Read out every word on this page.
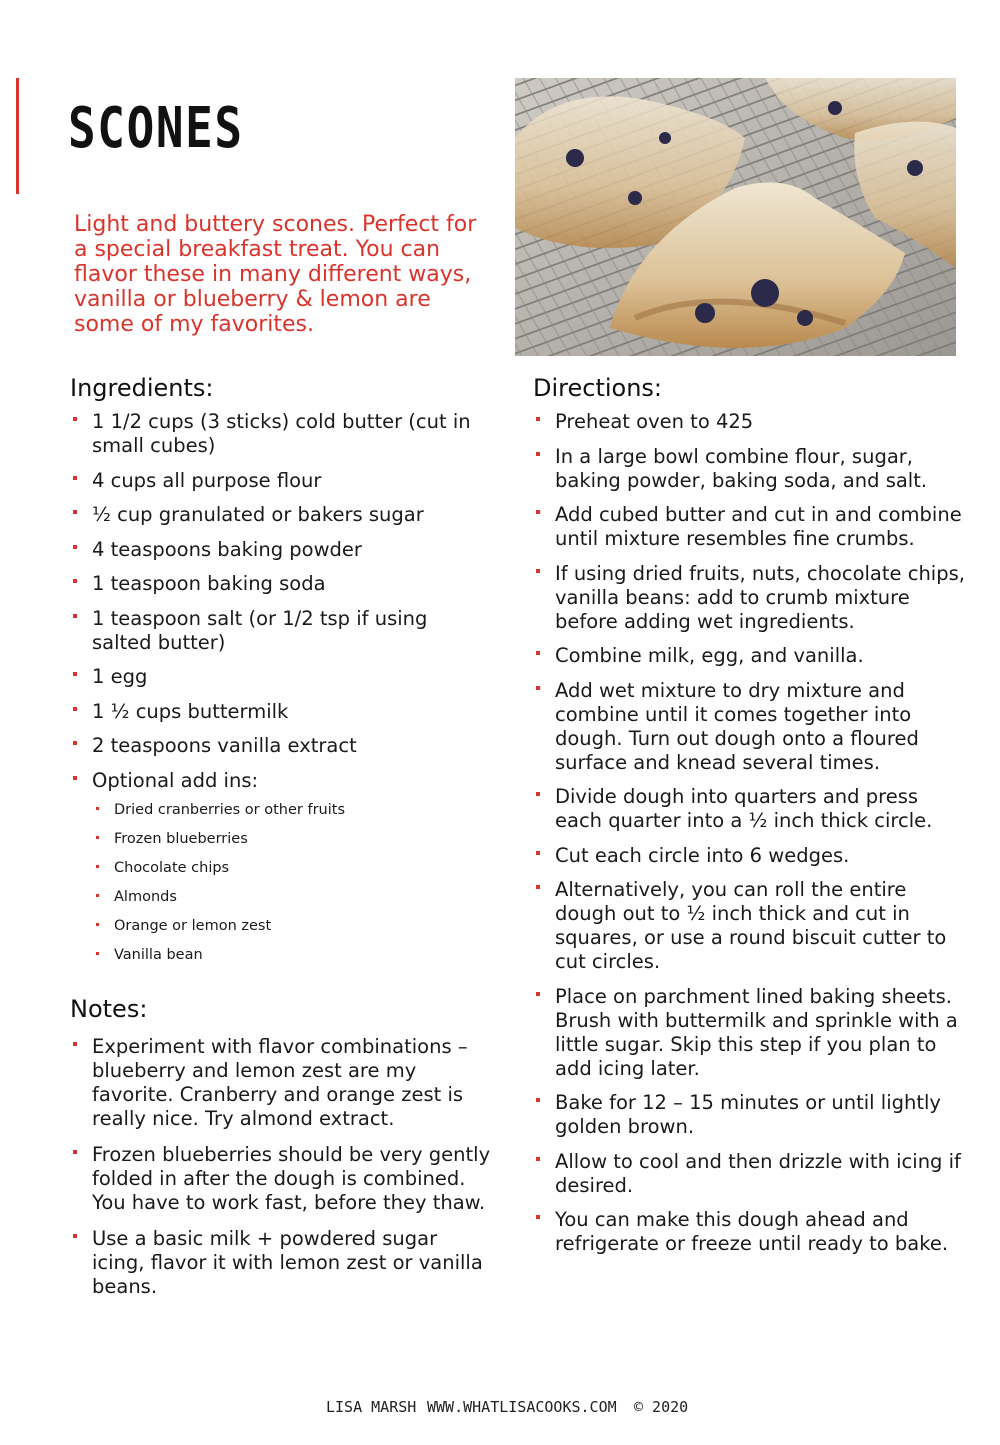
SCONES

Light and buttery scones. Perfect for a special breakfast treat. You can flavor these in many different ways, vanilla or blueberry & lemon are some of my favorites.

Ingredients:
1 1/2 cups (3 sticks) cold butter (cut in small cubes)
4 cups all purpose flour
½ cup granulated or bakers sugar
4 teaspoons baking powder
1 teaspoon baking soda
1 teaspoon salt (or 1/2 tsp if using salted butter)
1 egg
1 ½ cups buttermilk
2 teaspoons vanilla extract
Optional add ins:
Dried cranberries or other fruits
Frozen blueberries
Chocolate chips
Almonds
Orange or lemon zest
Vanilla bean
Notes:
Experiment with flavor combinations – blueberry and lemon zest are my favorite. Cranberry and orange zest is really nice. Try almond extract.
Frozen blueberries should be very gently folded in after the dough is combined. You have to work fast, before they thaw.
Use a basic milk + powdered sugar icing, flavor it with lemon zest or vanilla beans.
Directions:
Preheat oven to 425
In a large bowl combine flour, sugar, baking powder, baking soda, and salt.
Add cubed butter and cut in and combine until mixture resembles fine crumbs.
If using dried fruits, nuts, chocolate chips, vanilla beans: add to crumb mixture before adding wet ingredients.
Combine milk, egg, and vanilla.
Add wet mixture to dry mixture and combine until it comes together into dough. Turn out dough onto a floured surface and knead several times.
Divide dough into quarters and press each quarter into a ½ inch thick circle.
Cut each circle into 6 wedges.
Alternatively, you can roll the entire dough out to ½ inch thick and cut in squares, or use a round biscuit cutter to cut circles.
Place on parchment lined baking sheets. Brush with buttermilk and sprinkle with a little sugar. Skip this step if you plan to add icing later.
Bake for 12 – 15 minutes or until lightly golden brown.
Allow to cool and then drizzle with icing if desired.
You can make this dough ahead and refrigerate or freeze until ready to bake.
LISA MARSH WWW.WHATLISACOOKS.COM © 2020
